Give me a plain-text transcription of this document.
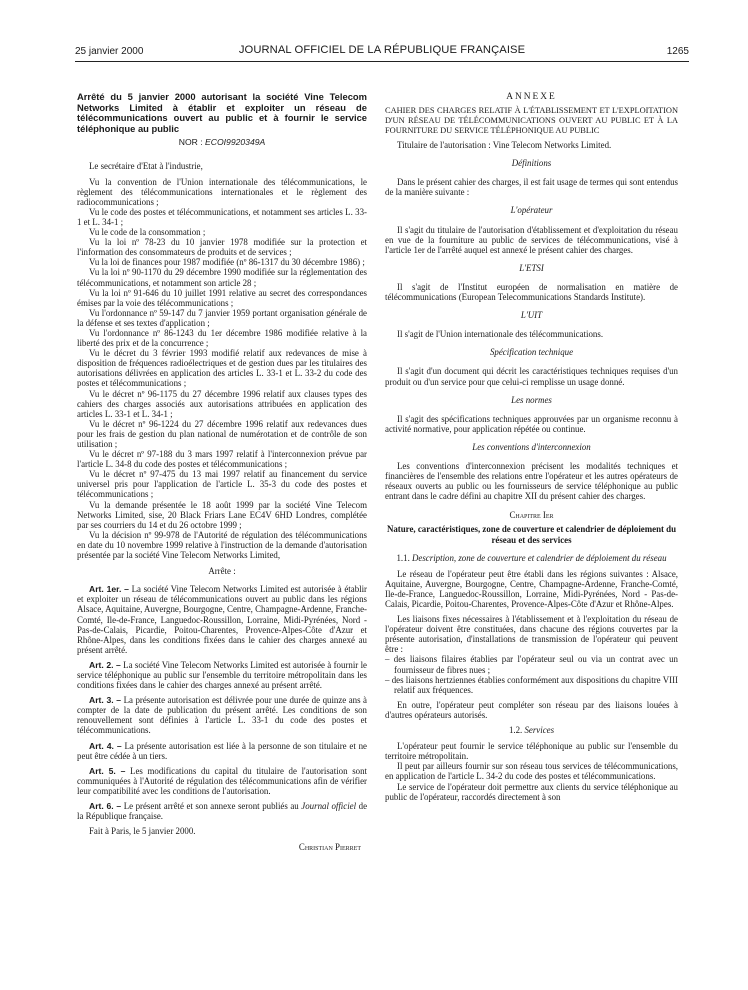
25 janvier 2000	JOURNAL OFFICIEL DE LA RÉPUBLIQUE FRANÇAISE	1265
Arrêté du 5 janvier 2000 autorisant la société Vine Telecom Networks Limited à établir et exploiter un réseau de télécommunications ouvert au public et à fournir le service téléphonique au public
NOR : ECOI9920349A

Le secrétaire d'Etat à l'industrie,

Vu la convention de l'Union internationale des télécommunications, le règlement des télécommunications internationales et le règlement des radiocommunications ;

Vu le code des postes et télécommunications, et notamment ses articles L. 33-1 et L. 34-1 ;

Vu le code de la consommation ;

Vu la loi nº 78-23 du 10 janvier 1978 modifiée sur la protection et l'information des consommateurs de produits et de services ;

Vu la loi de finances pour 1987 modifiée (nº 86-1317 du 30 décembre 1986) ;

Vu la loi nº 90-1170 du 29 décembre 1990 modifiée sur la réglementation des télécommunications, et notamment son article 28 ;

Vu la loi nº 91-646 du 10 juillet 1991 relative au secret des correspondances émises par la voie des télécommunications ;

Vu l'ordonnance nº 59-147 du 7 janvier 1959 portant organisation générale de la défense et ses textes d'application ;

Vu l'ordonnance nº 86-1243 du 1er décembre 1986 modifiée relative à la liberté des prix et de la concurrence ;

Vu le décret du 3 février 1993 modifié relatif aux redevances de mise à disposition de fréquences radioélectriques et de gestion dues par les titulaires des autorisations délivrées en application des articles L. 33-1 et L. 33-2 du code des postes et télécommunications ;

Vu le décret nº 96-1175 du 27 décembre 1996 relatif aux clauses types des cahiers des charges associés aux autorisations attribuées en application des articles L. 33-1 et L. 34-1 ;

Vu le décret nº 96-1224 du 27 décembre 1996 relatif aux redevances dues pour les frais de gestion du plan national de numérotation et de contrôle de son utilisation ;

Vu le décret nº 97-188 du 3 mars 1997 relatif à l'interconnexion prévue par l'article L. 34-8 du code des postes et télécommunications ;

Vu le décret nº 97-475 du 13 mai 1997 relatif au financement du service universel pris pour l'application de l'article L. 35-3 du code des postes et télécommunications ;

Vu la demande présentée le 18 août 1999 par la société Vine Telecom Networks Limited, sise, 20 Black Friars Lane EC4V 6HD Londres, complétée par ses courriers du 14 et du 26 octobre 1999 ;

Vu la décision nº 99-978 de l'Autorité de régulation des télécommunications en date du 10 novembre 1999 relative à l'instruction de la demande d'autorisation présentée par la société Vine Telecom Networks Limited,

Arrête :

Art. 1er. – La société Vine Telecom Networks Limited est autorisée à établir et exploiter un réseau de télécommunications ouvert au public dans les régions Alsace, Aquitaine, Auvergne, Bourgogne, Centre, Champagne-Ardenne, Franche-Comté, Ile-de-France, Languedoc-Roussillon, Lorraine, Midi-Pyrénées, Nord - Pas-de-Calais, Picardie, Poitou-Charentes, Provence-Alpes-Côte d'Azur et Rhône-Alpes, dans les conditions fixées dans le cahier des charges annexé au présent arrêté.

Art. 2. – La société Vine Telecom Networks Limited est autorisée à fournir le service téléphonique au public sur l'ensemble du territoire métropolitain dans les conditions fixées dans le cahier des charges annexé au présent arrêté.

Art. 3. – La présente autorisation est délivrée pour une durée de quinze ans à compter de la date de publication du présent arrêté. Les conditions de son renouvellement sont définies à l'article L. 33-1 du code des postes et télécommunications.

Art. 4. – La présente autorisation est liée à la personne de son titulaire et ne peut être cédée à un tiers.

Art. 5. – Les modifications du capital du titulaire de l'autorisation sont communiquées à l'Autorité de régulation des télécommunications afin de vérifier leur compatibilité avec les conditions de l'autorisation.

Art. 6. – Le présent arrêté et son annexe seront publiés au Journal officiel de la République française.

Fait à Paris, le 5 janvier 2000.

Christian Pierret
ANNEXE
CAHIER DES CHARGES RELATIF À L'ÉTABLISSEMENT ET L'EXPLOITATION D'UN RÉSEAU DE TÉLÉCOMMUNICATIONS OUVERT AU PUBLIC ET À LA FOURNITURE DU SERVICE TÉLÉPHONIQUE AU PUBLIC

Titulaire de l'autorisation : Vine Telecom Networks Limited.

Définitions

Dans le présent cahier des charges, il est fait usage de termes qui sont entendus de la manière suivante :

L'opérateur

Il s'agit du titulaire de l'autorisation d'établissement et d'exploitation du réseau en vue de la fourniture au public de services de télécommunications, visé à l'article 1er de l'arrêté auquel est annexé le présent cahier des charges.

L'ETSI

Il s'agit de l'Institut européen de normalisation en matière de télécommunications (European Telecommunications Standards Institute).

L'UIT

Il s'agit de l'Union internationale des télécommunications.

Spécification technique

Il s'agit d'un document qui décrit les caractéristiques techniques requises d'un produit ou d'un service pour que celui-ci remplisse un usage donné.

Les normes

Il s'agit des spécifications techniques approuvées par un organisme reconnu à activité normative, pour application répétée ou continue.

Les conventions d'interconnexion

Les conventions d'interconnexion précisent les modalités techniques et financières de l'ensemble des relations entre l'opérateur et les autres opérateurs de réseaux ouverts au public ou les fournisseurs de service téléphonique au public entrant dans le cadre défini au chapitre XII du présent cahier des charges.

Chapitre Ier
Nature, caractéristiques, zone de couverture et calendrier de déploiement du réseau et des services
1.1. Description, zone de couverture et calendrier de déploiement du réseau

Le réseau de l'opérateur peut être établi dans les régions suivantes : Alsace, Aquitaine, Auvergne, Bourgogne, Centre, Champagne-Ardenne, Franche-Comté, Ile-de-France, Languedoc-Roussillon, Lorraine, Midi-Pyrénées, Nord - Pas-de-Calais, Picardie, Poitou-Charentes, Provence-Alpes-Côte d'Azur et Rhône-Alpes.

Les liaisons fixes nécessaires à l'établissement et à l'exploitation du réseau de l'opérateur doivent être constituées, dans chacune des régions couvertes par la présente autorisation, d'installations de transmission de l'opérateur qui peuvent être :

– des liaisons filaires établies par l'opérateur seul ou via un contrat avec un fournisseur de fibres nues ;
– des liaisons hertziennes établies conformément aux dispositions du chapitre VIII relatif aux fréquences.

En outre, l'opérateur peut compléter son réseau par des liaisons louées à d'autres opérateurs autorisés.

1.2. Services

L'opérateur peut fournir le service téléphonique au public sur l'ensemble du territoire métropolitain.

Il peut par ailleurs fournir sur son réseau tous services de télécommunications, en application de l'article L. 34-2 du code des postes et télécommunications.

Le service de l'opérateur doit permettre aux clients du service téléphonique au public de l'opérateur, raccordés directement à son
